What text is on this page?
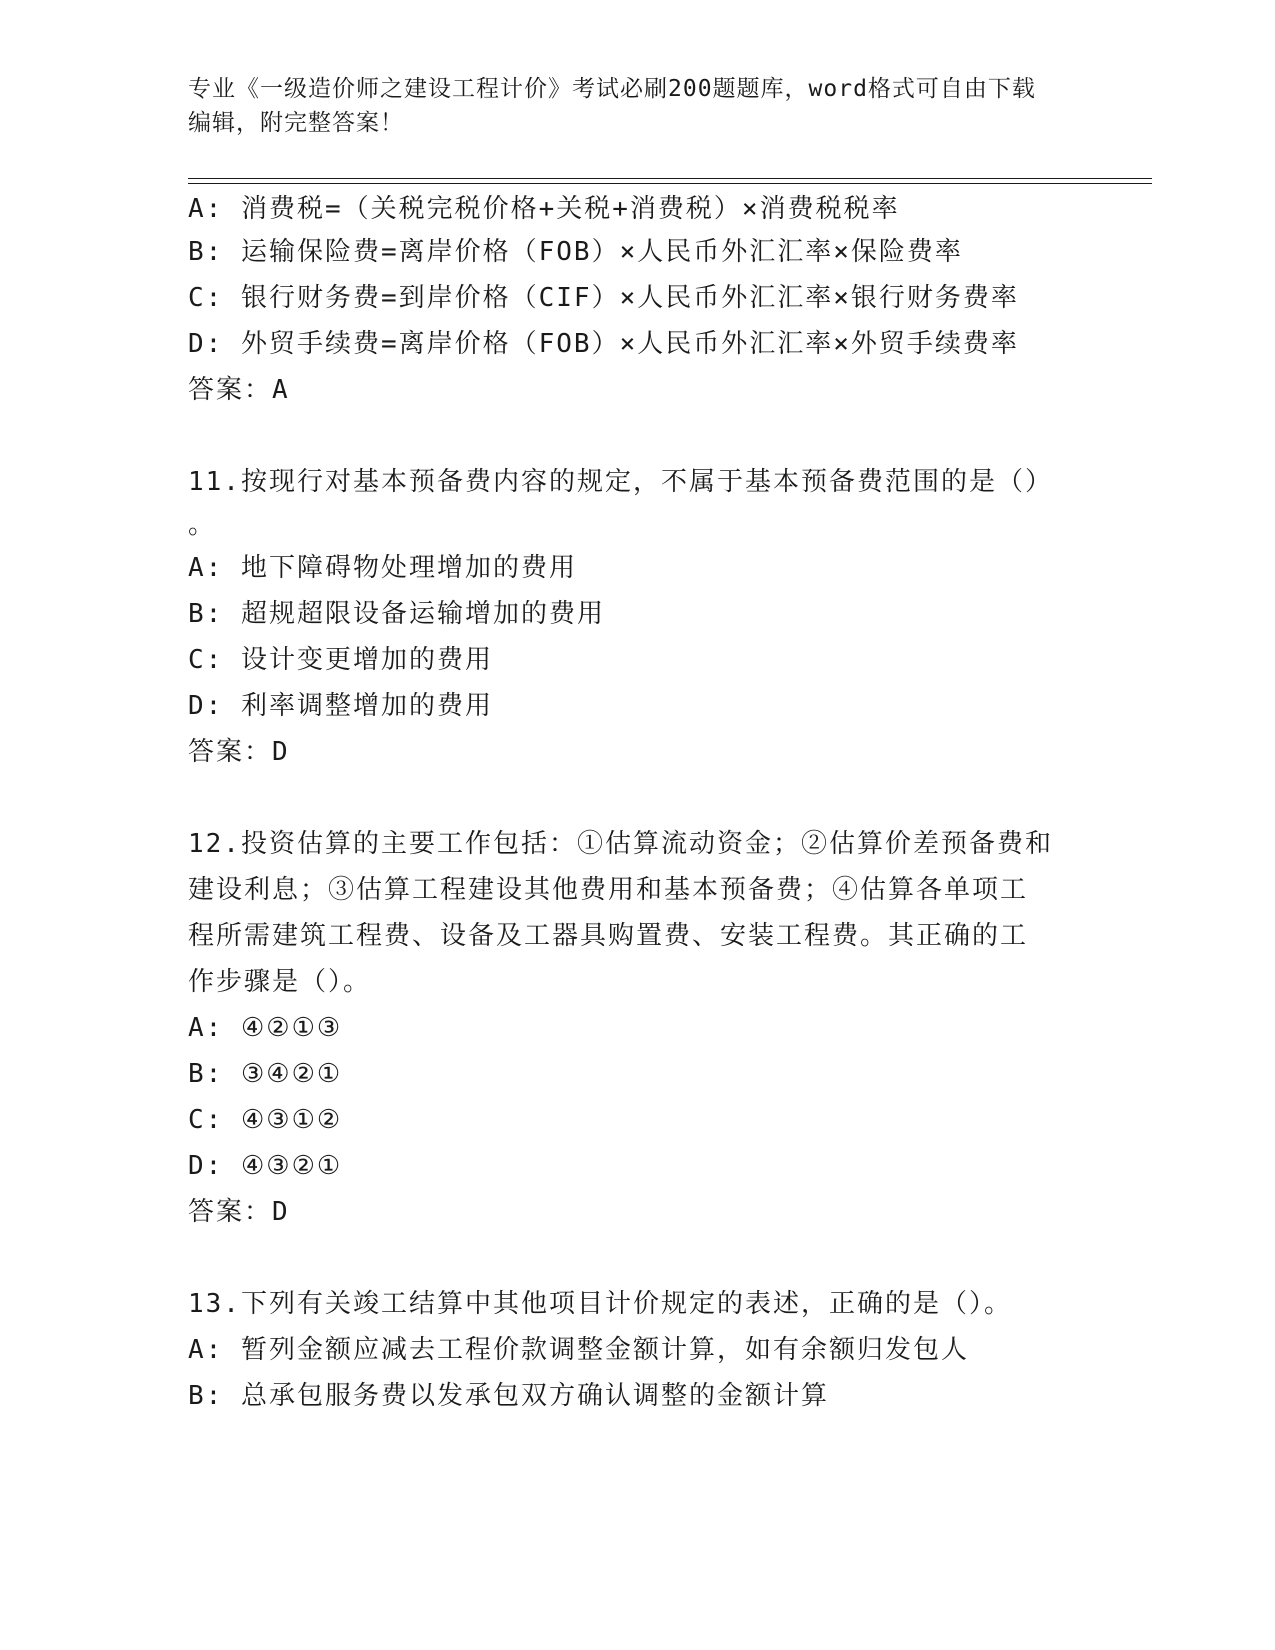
专业《一级造价师之建设工程计价》考试必刷200题题库，word格式可自由下载
编辑，附完整答案！
A: 消费税=（关税完税价格+关税+消费税）×消费税税率
B: 运输保险费=离岸价格（FOB）×人民币外汇汇率×保险费率
C: 银行财务费=到岸价格（CIF）×人民币外汇汇率×银行财务费率
D: 外贸手续费=离岸价格（FOB）×人民币外汇汇率×外贸手续费率
答案：A
11.按现行对基本预备费内容的规定，不属于基本预备费范围的是（）
。
A: 地下障碍物处理增加的费用
B: 超规超限设备运输增加的费用
C: 设计变更增加的费用
D: 利率调整增加的费用
答案：D
12.投资估算的主要工作包括：①估算流动资金；②估算价差预备费和
建设利息；③估算工程建设其他费用和基本预备费；④估算各单项工
程所需建筑工程费、设备及工器具购置费、安装工程费。其正确的工
作步骤是（）。
A: ④②①③
B: ③④②①
C: ④③①②
D: ④③②①
答案：D
13.下列有关竣工结算中其他项目计价规定的表述，正确的是（）。
A: 暂列金额应减去工程价款调整金额计算，如有余额归发包人
B: 总承包服务费以发承包双方确认调整的金额计算
